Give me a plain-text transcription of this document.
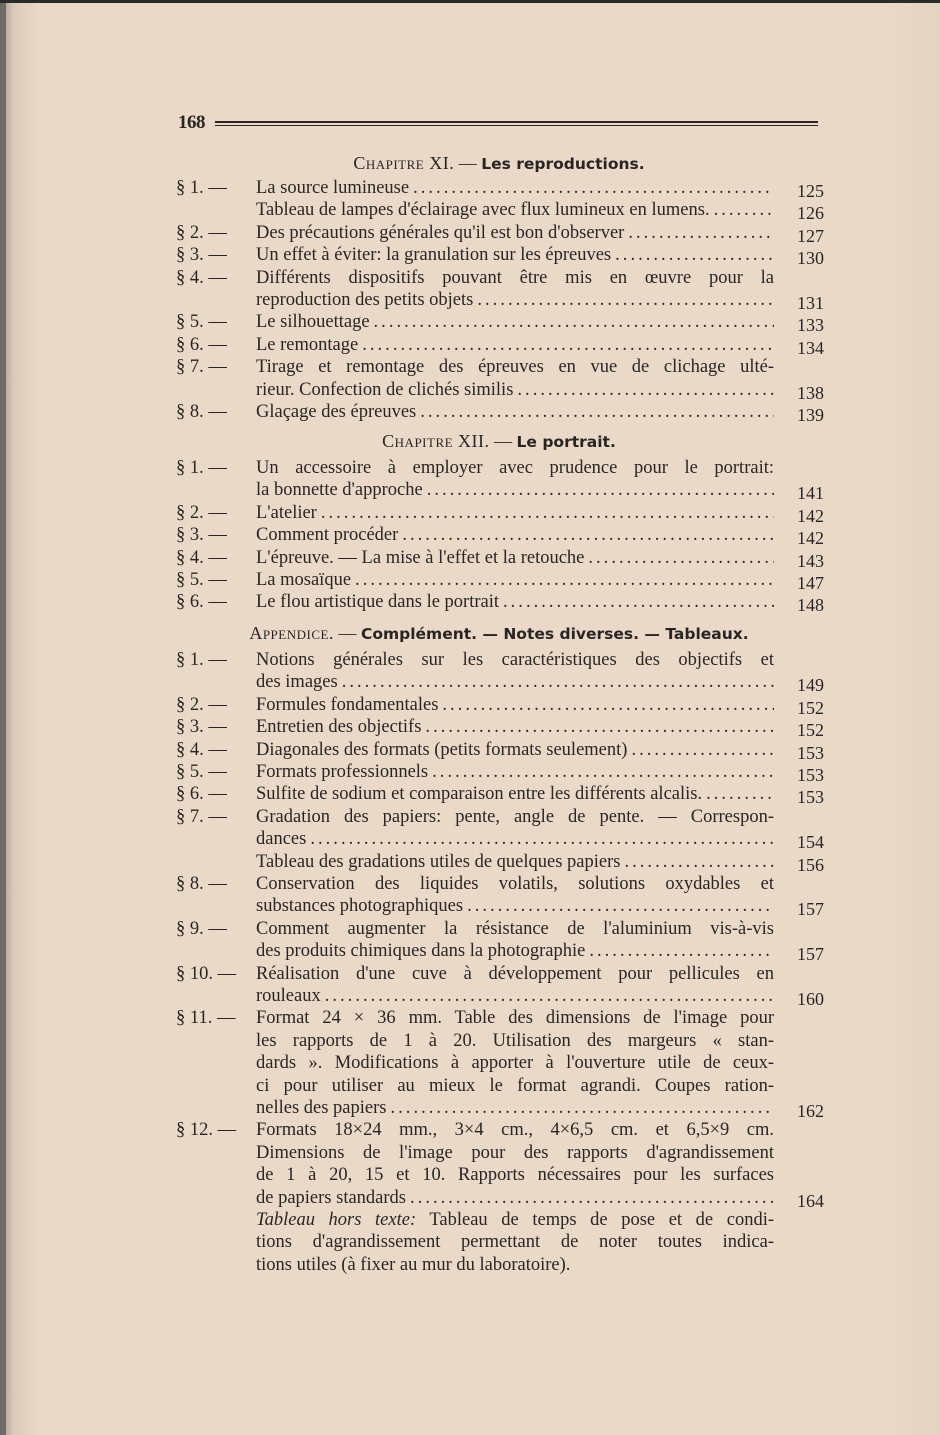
168
Chapitre XI. — Les reproductions.
§ 1. —	La source lumineuse . . .	125
Tableau de lampes d'éclairage avec flux lumineux en lumens. . . .	126
§ 2. —	Des précautions générales qu'il est bon d'observer . . .	127
§ 3. —	Un effet à éviter: la granulation sur les épreuves . . .	130
§ 4. —	Différents dispositifs pouvant être mis en œuvre pour la
reproduction des petits objets . . .	131
§ 5. —	Le silhouettage . . .	133
§ 6. —	Le remontage . . .	134
§ 7. —	Tirage et remontage des épreuves en vue de clichage ulté-
rieur. Confection de clichés similis . . .	138
§ 8. —	Glaçage des épreuves . . .	139
Chapitre XII. — Le portrait.
§ 1. —	Un accessoire à employer avec prudence pour le portrait:
la bonnette d'approche . . .	141
§ 2. —	L'atelier . . .	142
§ 3. —	Comment procéder . . .	142
§ 4. —	L'épreuve. — La mise à l'effet et la retouche . . .	143
§ 5. —	La mosaïque . . .	147
§ 6. —	Le flou artistique dans le portrait . . .	148
Appendice. — Complément. — Notes diverses. — Tableaux.
§ 1. —	Notions générales sur les caractéristiques des objectifs et
des images . . .	149
§ 2. —	Formules fondamentales . . .	152
§ 3. —	Entretien des objectifs . . .	152
§ 4. —	Diagonales des formats (petits formats seulement) . . .	153
§ 5. —	Formats professionnels . . .	153
§ 6. —	Sulfite de sodium et comparaison entre les différents alcalis. . . .	153
§ 7. —	Gradation des papiers: pente, angle de pente. — Correspon-
dances . . .	154
Tableau des gradations utiles de quelques papiers . . .	156
§ 8. —	Conservation des liquides volatils, solutions oxydables et
substances photographiques . . .	157
§ 9. —	Comment augmenter la résistance de l'aluminium vis-à-vis
des produits chimiques dans la photographie . . .	157
§ 10. —	Réalisation d'une cuve à développement pour pellicules en
rouleaux . . .	160
§ 11. —	Format 24 × 36 mm. Table des dimensions de l'image pour
les rapports de 1 à 20. Utilisation des margeurs « stan-
dards ». Modifications à apporter à l'ouverture utile de ceux-
ci pour utiliser au mieux le format agrandi. Coupes ration-
nelles des papiers . . .	162
§ 12. —	Formats 18×24 mm., 3×4 cm., 4×6,5 cm. et 6,5×9 cm.
Dimensions de l'image pour des rapports d'agrandissement
de 1 à 20, 15 et 10. Rapports nécessaires pour les surfaces
de papiers standards . . .	164
Tableau hors texte: Tableau de temps de pose et de condi-
tions d'agrandissement permettant de noter toutes indica-
tions utiles (à fixer au mur du laboratoire).
